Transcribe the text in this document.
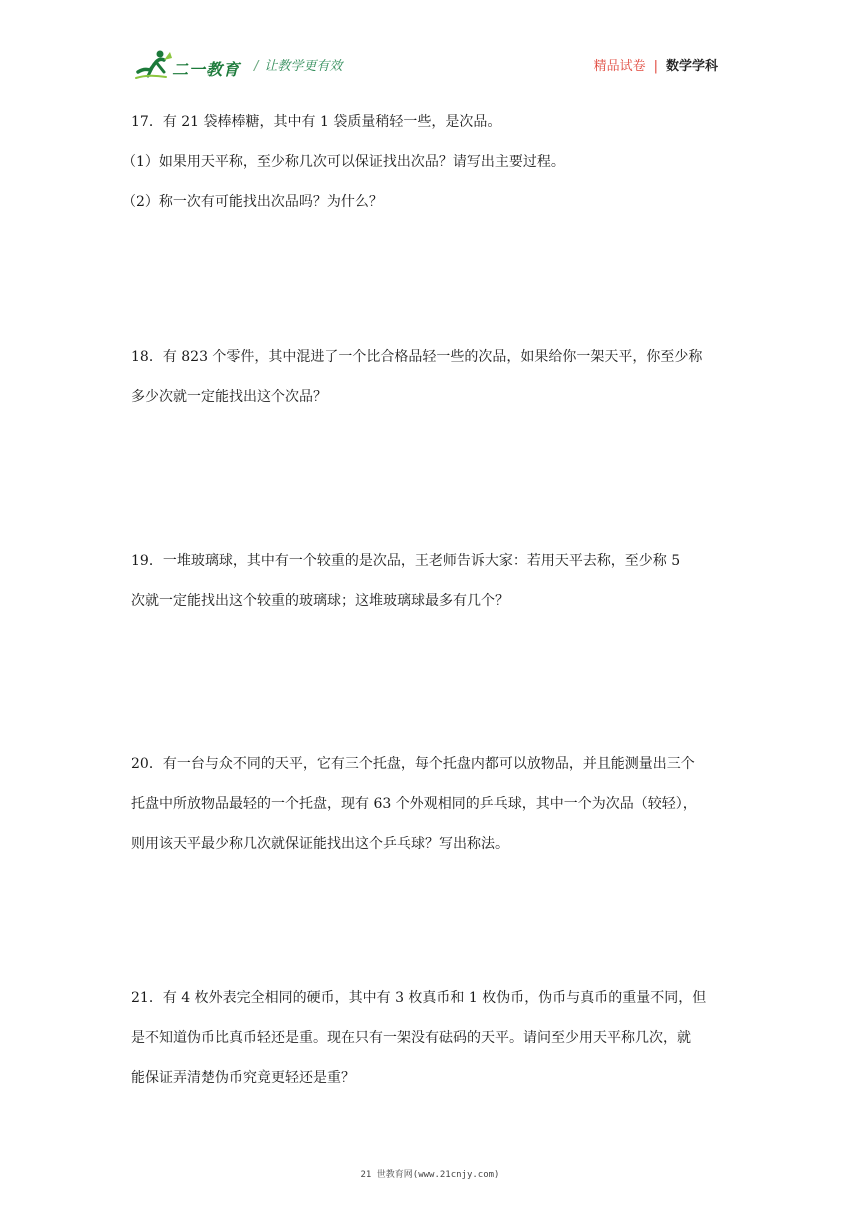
二一教育 / 让教学更有效	精品试卷 | 数学学科

17．有 21 袋棒棒糖，其中有 1 袋质量稍轻一些，是次品。

（1）如果用天平称，至少称几次可以保证找出次品？请写出主要过程。

（2）称一次有可能找出次品吗？为什么？

18．有 823 个零件，其中混进了一个比合格品轻一些的次品，如果给你一架天平，你至少称

多少次就一定能找出这个次品？

19．一堆玻璃球，其中有一个较重的是次品，王老师告诉大家：若用天平去称，至少称 5

次就一定能找出这个较重的玻璃球；这堆玻璃球最多有几个？

20．有一台与众不同的天平，它有三个托盘，每个托盘内都可以放物品，并且能测量出三个

托盘中所放物品最轻的一个托盘，现有 63 个外观相同的乒乓球，其中一个为次品（较轻），

则用该天平最少称几次就保证能找出这个乒乓球？写出称法。

21．有 4 枚外表完全相同的硬币，其中有 3 枚真币和 1 枚伪币，伪币与真币的重量不同，但

是不知道伪币比真币轻还是重。现在只有一架没有砝码的天平。请问至少用天平称几次，就

能保证弄清楚伪币究竟更轻还是重？

21 世教育网(www.21cnjy.com)
